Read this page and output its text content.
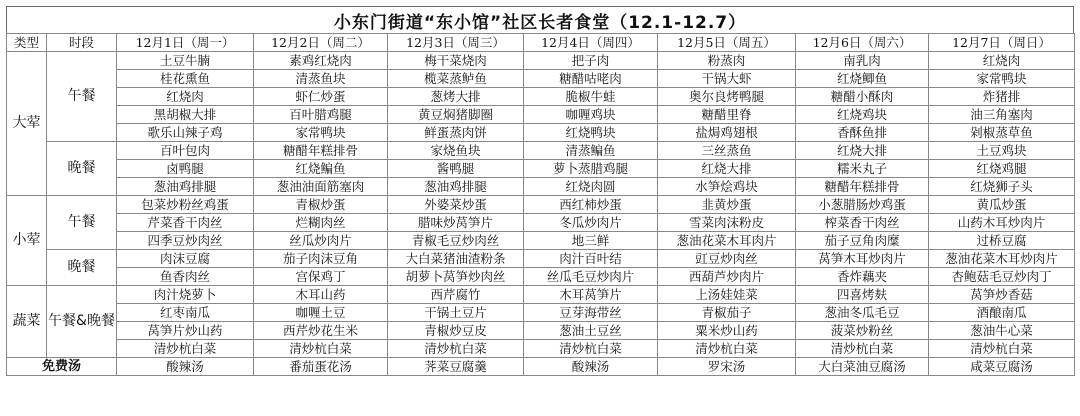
小东门街道“东小馆”社区长者食堂（12.1-12.7）
类型	时段	12月1日（周一）	12月2日（周二）	12月3日（周三）	12月4日（周四）	12月5日（周五）	12月6日（周六）	12月7日（周日）
大荤	午餐	土豆牛腩	素鸡红烧肉	梅干菜烧肉	把子肉	粉蒸肉	南乳肉	红烧肉
		桂花熏鱼	清蒸鱼块	榄菜蒸鲈鱼	糖醋咕咾肉	干锅大虾	红烧鲫鱼	家常鸭块
		红烧肉	虾仁炒蛋	葱烤大排	脆椒牛蛙	奥尔良烤鸭腿	糖醋小酥肉	炸猪排
		黑胡椒大排	百叶腊鸡腿	黄豆焖猪脚圈	咖喱鸡块	糖醋里脊	红烧鸡块	油三角塞肉
		歌乐山辣子鸡	家常鸭块	鲜蛋蒸肉饼	红烧鸭块	盐焗鸡翅根	香酥鱼排	剁椒蒸草鱼
	晚餐	百叶包肉	糖醋年糕排骨	家烧鱼块	清蒸鳊鱼	三丝蒸鱼	红烧大排	土豆鸡块
		卤鸭腿	红烧鳊鱼	酱鸭腿	萝卜蒸腊鸡腿	红烧大排	糯米丸子	红烧鸡腿
		葱油鸡排腿	葱油油面筋塞肉	葱油鸡排腿	红烧肉圆	水笋烩鸡块	糖醋年糕排骨	红烧狮子头
小荤	午餐	包菜炒粉丝鸡蛋	青椒炒蛋	外婆菜炒蛋	西红柿炒蛋	韭黄炒蛋	小葱腊肠炒鸡蛋	黄瓜炒蛋
		芹菜香干肉丝	烂糊肉丝	腊味炒莴笋片	冬瓜炒肉片	雪菜肉沫粉皮	榨菜香干肉丝	山药木耳炒肉片
		四季豆炒肉丝	丝瓜炒肉片	青椒毛豆炒肉丝	地三鲜	葱油花菜木耳肉片	茄子豆角肉糜	过桥豆腐
	晚餐	肉沫豆腐	茄子肉沫豆角	大白菜猪油渣粉条	肉汁百叶结	豇豆炒肉丝	莴笋木耳炒肉片	葱油花菜木耳炒肉片
		鱼香肉丝	宫保鸡丁	胡萝卜莴笋炒肉丝	丝瓜毛豆炒肉片	西葫芦炒肉片	香炸藕夹	杏鲍菇毛豆炒肉丁
蔬菜	午餐&晚餐	肉汁烧萝卜	木耳山药	西芹腐竹	木耳莴笋片	上汤娃娃菜	四喜烤麸	莴笋炒香菇
		红枣南瓜	咖喱土豆	干锅土豆片	豆芽海带丝	青椒茄子	葱油冬瓜毛豆	酒酿南瓜
		莴笋片炒山药	西芹炒花生米	青椒炒豆皮	葱油土豆丝	粟米炒山药	菠菜炒粉丝	葱油牛心菜
		清炒杭白菜	清炒杭白菜	清炒杭白菜	清炒杭白菜	清炒杭白菜	清炒杭白菜	清炒杭白菜
免费汤		酸辣汤	番茄蛋花汤	荠菜豆腐羹	酸辣汤	罗宋汤	大白菜油豆腐汤	咸菜豆腐汤
